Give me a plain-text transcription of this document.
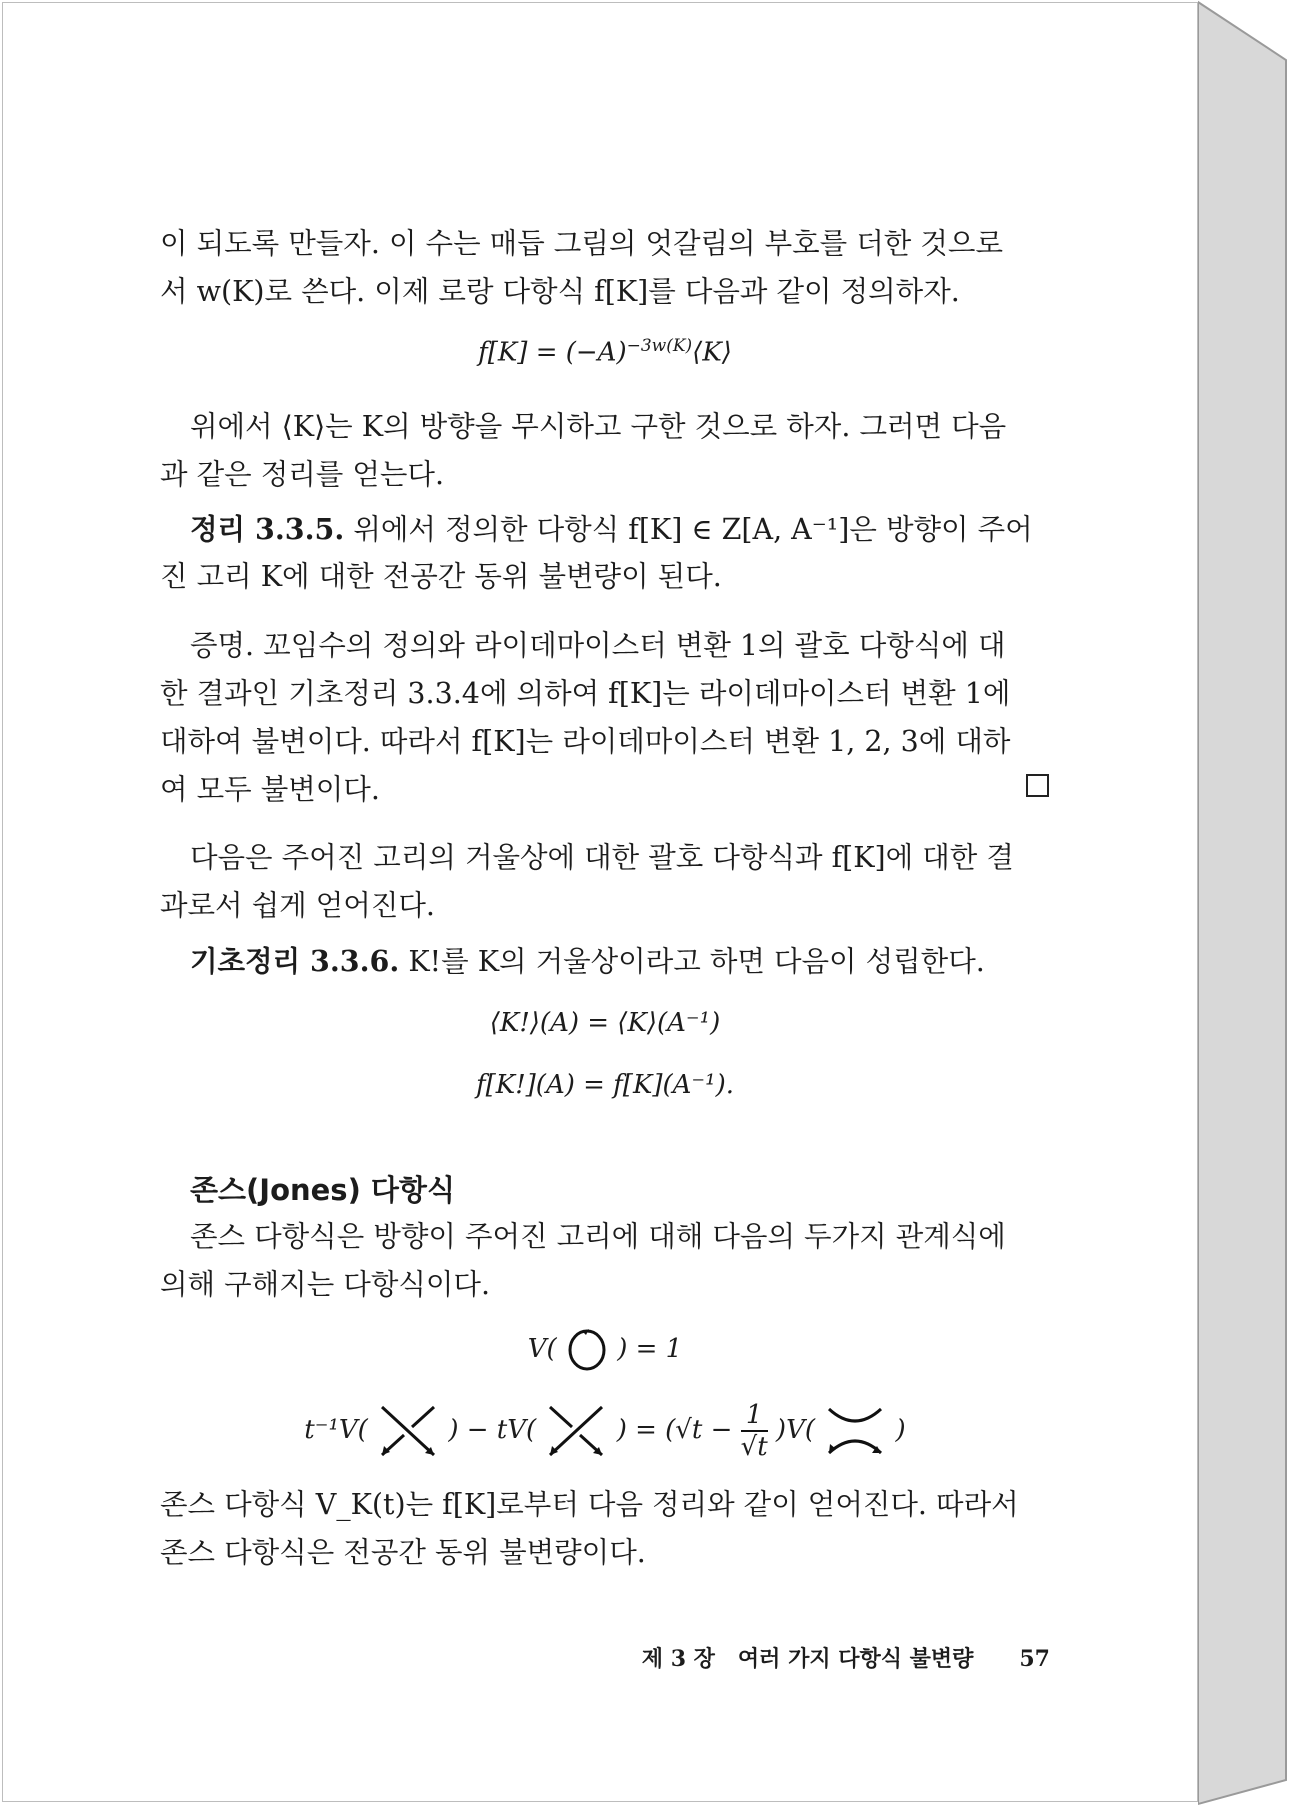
이 되도록 만들자. 이 수는 매듭 그림의 엇갈림의 부호를 더한 것으로
서 w(K)로 쓴다. 이제 로랑 다항식 f[K]를 다음과 같이 정의하자.
$f[K] = (-A)^{-3w(K)}⟨K⟩$
위에서 ⟨K⟩는 K의 방향을 무시하고 구한 것으로 하자. 그러면 다음
과 같은 정리를 얻는다.
정리 3.3.5. 위에서 정의한 다항식 f[K] ∈ Z[A, A⁻¹]은 방향이 주어
진 고리 K에 대한 전공간 동위 불변량이 된다.
증명. 꼬임수의 정의와 라이데마이스터 변환 1의 괄호 다항식에 대
한 결과인 기초정리 3.3.4에 의하여 f[K]는 라이데마이스터 변환 1에
대하여 불변이다. 따라서 f[K]는 라이데마이스터 변환 1, 2, 3에 대하
여 모두 불변이다.
다음은 주어진 고리의 거울상에 대한 괄호 다항식과 f[K]에 대한 결
과로서 쉽게 얻어진다.
기초정리 3.3.6. K!를 K의 거울상이라고 하면 다음이 성립한다.
⟨K!⟩(A) = ⟨K⟩(A⁻¹)
f[K!](A) = f[K](A⁻¹).
존스(Jones) 다항식
존스 다항식은 방향이 주어진 고리에 대해 다음의 두가지 관계식에
의해 구해지는 다항식이다.
V( ) = 1
t⁻¹V(	) − tV(	) = $(√t - \frac{1}{√t} )V$(	)
존스 다항식 V_K(t)는 f[K]로부터 다음 정리와 같이 얻어진다. 따라서
존스 다항식은 전공간 동위 불변량이다.

제 3 장   여러 가지 다항식 불변량 57
